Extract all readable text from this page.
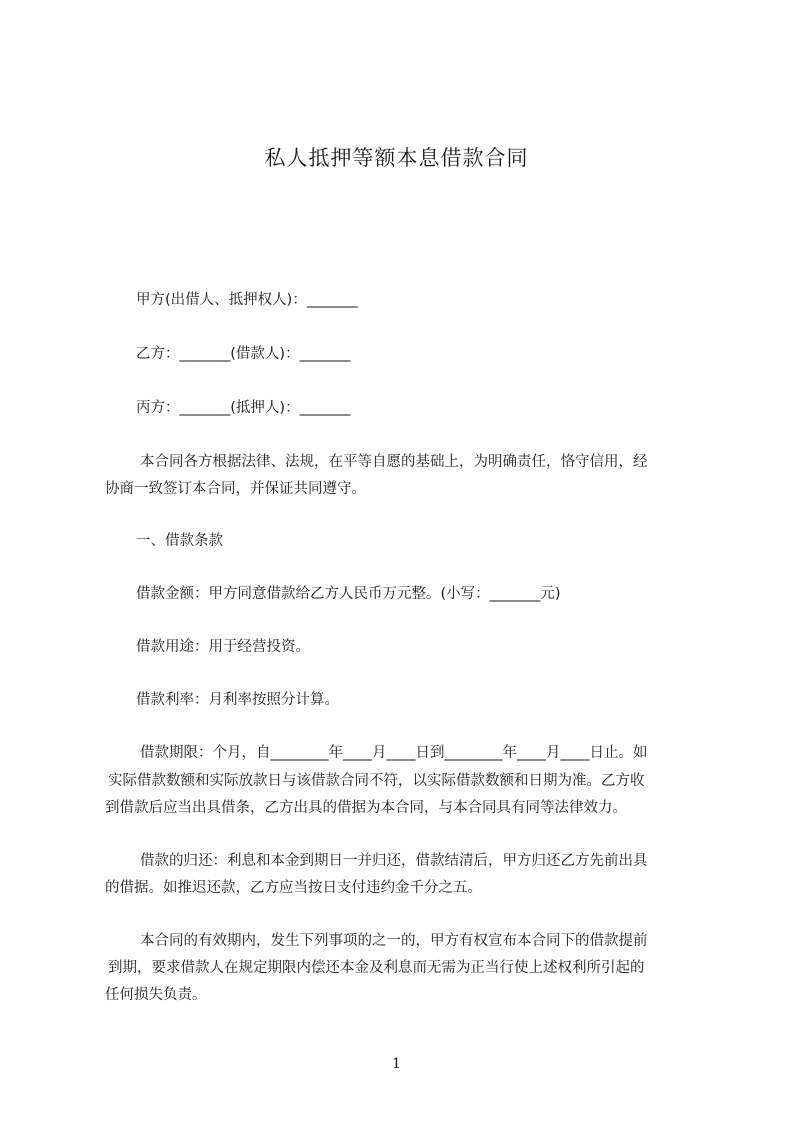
私人抵押等额本息借款合同
甲方(出借人、抵押权人)：_______
乙方：_______(借款人)：_______
丙方：_______(抵押人)：_______
本合同各方根据法律、法规，在平等自愿的基础上，为明确责任，恪守信用，经
协商一致签订本合同，并保证共同遵守。
一、借款条款
借款金额：甲方同意借款给乙方人民币万元整。(小写：_______元)
借款用途：用于经营投资。
借款利率：月利率按照分计算。
借款期限：个月，自________年____月____日到________年____月____日止。如
实际借款数额和实际放款日与该借款合同不符，以实际借款数额和日期为准。乙方收
到借款后应当出具借条，乙方出具的借据为本合同，与本合同具有同等法律效力。
借款的归还：利息和本金到期日一并归还，借款结清后，甲方归还乙方先前出具
的借据。如推迟还款，乙方应当按日支付违约金千分之五。
本合同的有效期内，发生下列事项的之一的，甲方有权宣布本合同下的借款提前
到期，要求借款人在规定期限内偿还本金及利息而无需为正当行使上述权利所引起的
任何损失负责。
1
